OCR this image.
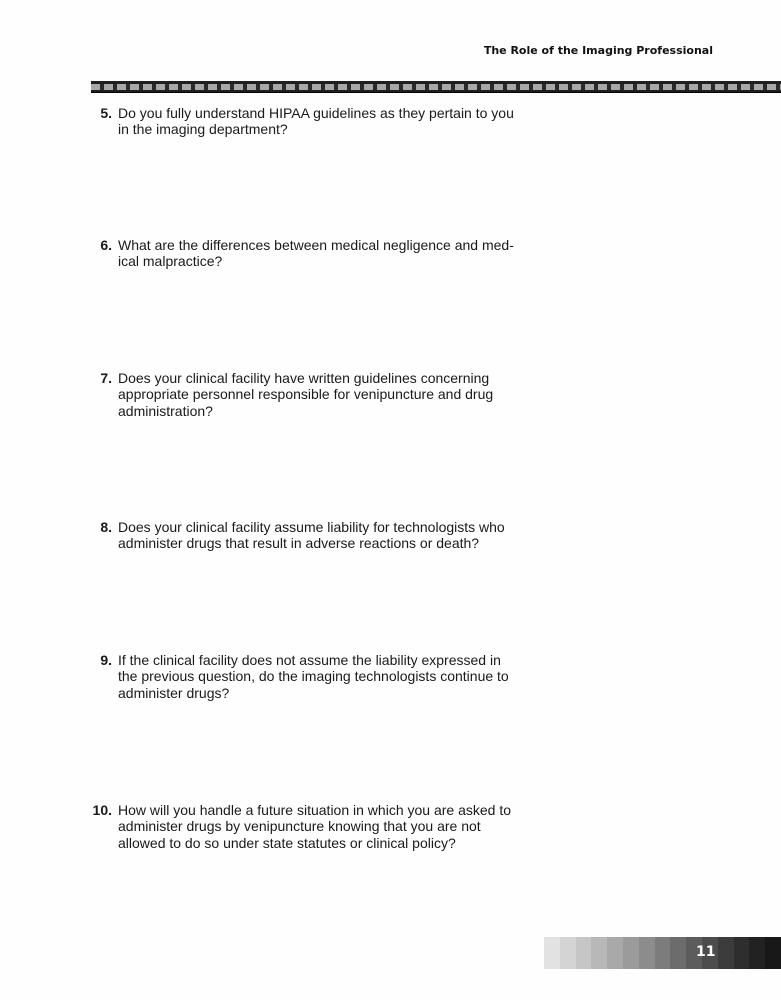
The Role of the Imaging Professional
5. Do you fully understand HIPAA guidelines as they pertain to you
in the imaging department?
6. What are the differences between medical negligence and med-
ical malpractice?
7. Does your clinical facility have written guidelines concerning
appropriate personnel responsible for venipuncture and drug
administration?
8. Does your clinical facility assume liability for technologists who
administer drugs that result in adverse reactions or death?
9. If the clinical facility does not assume the liability expressed in
the previous question, do the imaging technologists continue to
administer drugs?
10. How will you handle a future situation in which you are asked to
administer drugs by venipuncture knowing that you are not
allowed to do so under state statutes or clinical policy?
11
